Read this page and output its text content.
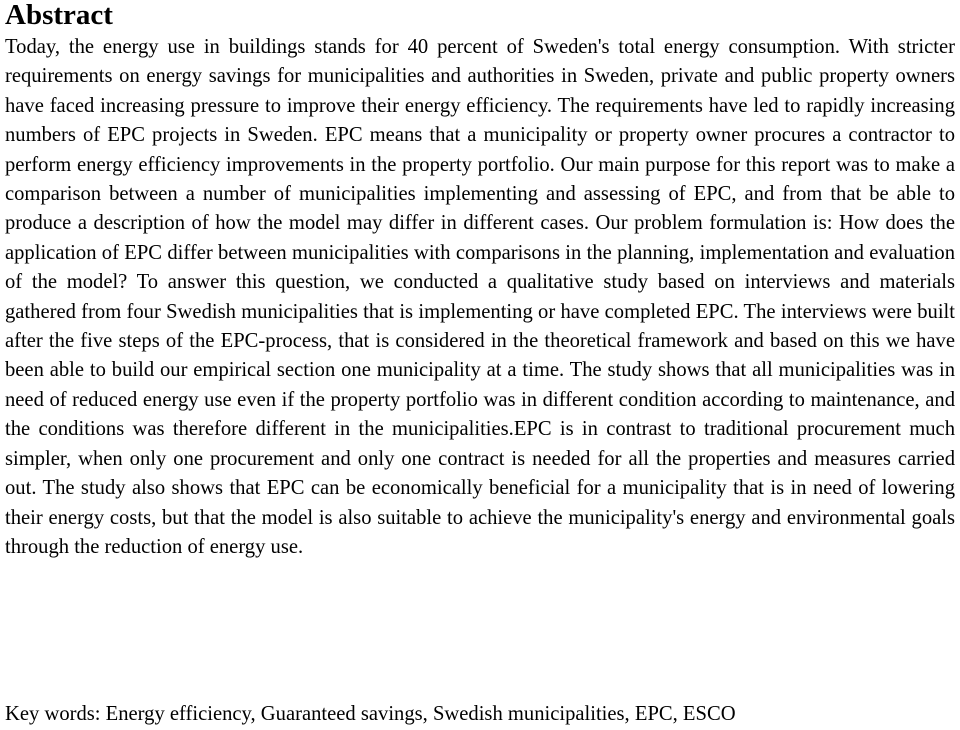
Abstract
Today, the energy use in buildings stands for 40 percent of Sweden's total energy consumption. With stricter requirements on energy savings for municipalities and authorities in Sweden, private and public property owners have faced increasing pressure to improve their energy efficiency. The requirements have led to rapidly increasing numbers of EPC projects in Sweden. EPC means that a municipality or property owner procures a contractor to perform energy efficiency improvements in the property portfolio. Our main purpose for this report was to make a comparison between a number of municipalities implementing and assessing of EPC, and from that be able to produce a description of how the model may differ in different cases. Our problem formulation is: How does the application of EPC differ between municipalities with comparisons in the planning, implementation and evaluation of the model? To answer this question, we conducted a qualitative study based on interviews and materials gathered from four Swedish municipalities that is implementing or have completed EPC. The interviews were built after the five steps of the EPC-process, that is considered in the theoretical framework and based on this we have been able to build our empirical section one municipality at a time. The study shows that all municipalities was in need of reduced energy use even if the property portfolio was in different condition according to maintenance, and the conditions was therefore different in the municipalities.EPC is in contrast to traditional procurement much simpler, when only one procurement and only one contract is needed for all the properties and measures carried out. The study also shows that EPC can be economically beneficial for a municipality that is in need of lowering their energy costs, but that the model is also suitable to achieve the municipality's energy and environmental goals through the reduction of energy use.
Key words: Energy efficiency, Guaranteed savings, Swedish municipalities, EPC, ESCO
